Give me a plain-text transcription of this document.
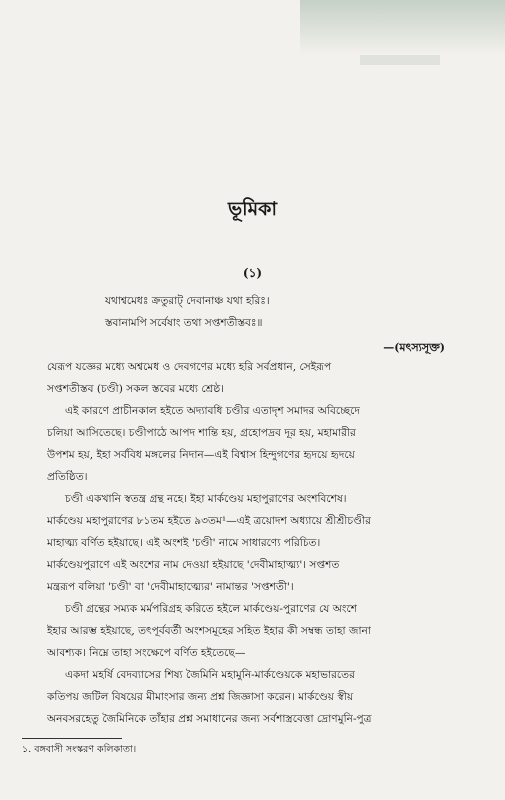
ভূমিকা
(১)
যথাশ্বমেধঃ ক্রতুরাট্‌ দেবানাঞ্চ যথা হরিঃ।
স্তবানামপি সর্বেষাং তথা সপ্তশতীস্তবঃ॥
—(মৎস্যসূক্ত)
যেরূপ যজ্ঞের মধ্যে অশ্বমেধ ও দেবগণের মধ্যে হরি সর্বপ্রধান, সেইরূপ
সপ্তশতীস্তব (চণ্ডী) সকল স্তবের মধ্যে শ্রেষ্ঠ।
এই কারণে প্রাচীনকাল হইতে অদ্যাবধি চণ্ডীর এতাদৃশ সমাদর অবিচ্ছেদে
চলিয়া আসিতেছে। চণ্ডীপাঠে আপদ শান্তি হয়, গ্রহোপদ্রব দূর হয়, মহামারীর
উপশম হয়, ইহা সর্ববিধ মঙ্গলের নিদান—এই বিশ্বাস হিন্দুগণের হৃদয়ে হৃদয়ে
প্রতিষ্ঠিত।
চণ্ডী একখানি স্বতন্ত্র গ্রন্থ নহে। ইহা মার্কণ্ডেয় মহাপুরাণের অংশবিশেষ।
মার্কণ্ডেয় মহাপুরাণের ৮১তম হইতে ৯৩তম¹—এই ত্রয়োদশ অধ্যায়ে শ্রীশ্রীচণ্ডীর
মাহাত্ম্য বর্ণিত হইয়াছে। এই অংশই 'চণ্ডী' নামে সাধারণ্যে পরিচিত।
মার্কণ্ডেয়পুরাণে এই অংশের নাম দেওয়া হইয়াছে 'দেবীমাহাত্ম্য'। সপ্তশত
মন্ত্ররূপ বলিয়া 'চণ্ডী' বা 'দেবীমাহাত্ম্যের' নামান্তর 'সপ্তশতী'।
চণ্ডী গ্রন্থের সম্যক মর্মপরিগ্রহ করিতে হইলে মার্কণ্ডেয়-পুরাণের যে অংশে
ইহার আরম্ভ হইয়াছে, তৎপূর্ববর্তী অংশসমূহের সহিত ইহার কী সম্বন্ধ তাহা জানা
আবশ্যক। নিম্নে তাহা সংক্ষেপে বর্ণিত হইতেছে—
একদা মহর্ষি বেদব্যাসের শিষ্য জৈমিনি মহামুনি-মার্কণ্ডেয়কে মহাভারতের
কতিপয় জটিল বিষয়ের মীমাংসার জন্য প্রশ্ন জিজ্ঞাসা করেন। মার্কণ্ডেয় স্বীয়
অনবসরহেতু জৈমিনিকে তাঁহার প্রশ্ন সমাধানের জন্য সর্বশাস্ত্রবেত্তা দ্রোণমুনি-পুত্র
১. বঙ্গবাসী সংস্করণ কলিকাতা।
